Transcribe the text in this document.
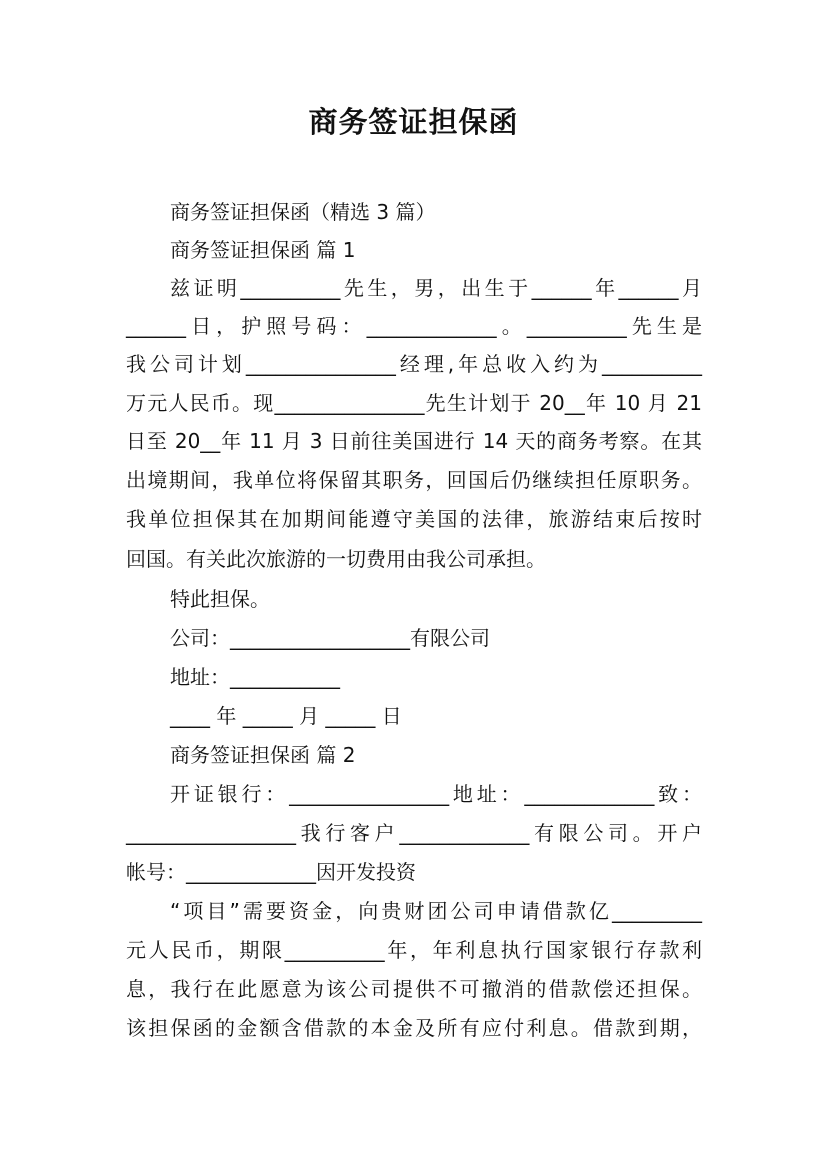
商务签证担保函
商务签证担保函（精选 3 篇）
商务签证担保函 篇 1
兹证明__________先生，男，出生于______年______月
______日，护照号码：_____________。__________先生是
我公司计划_______________经理,年总收入约为__________
万元人民币。现_______________先生计划于 20__年 10 月 21
日至 20__年 11 月 3 日前往美国进行 14 天的商务考察。在其
出境期间，我单位将保留其职务，回国后仍继续担任原职务。
我单位担保其在加期间能遵守美国的法律，旅游结束后按时
回国。有关此次旅游的一切费用由我公司承担。
特此担保。
公司：__________________有限公司
地址：___________
____ 年 _____ 月 _____ 日
商务签证担保函 篇 2
开证银行：________________地址：_____________致：
_________________我行客户_____________有限公司。开户
帐号：_____________因开发投资
“项目”需要资金，向贵财团公司申请借款亿_________
元人民币，期限__________年，年利息执行国家银行存款利
息，我行在此愿意为该公司提供不可撤消的借款偿还担保。
该担保函的金额含借款的本金及所有应付利息。借款到期，
